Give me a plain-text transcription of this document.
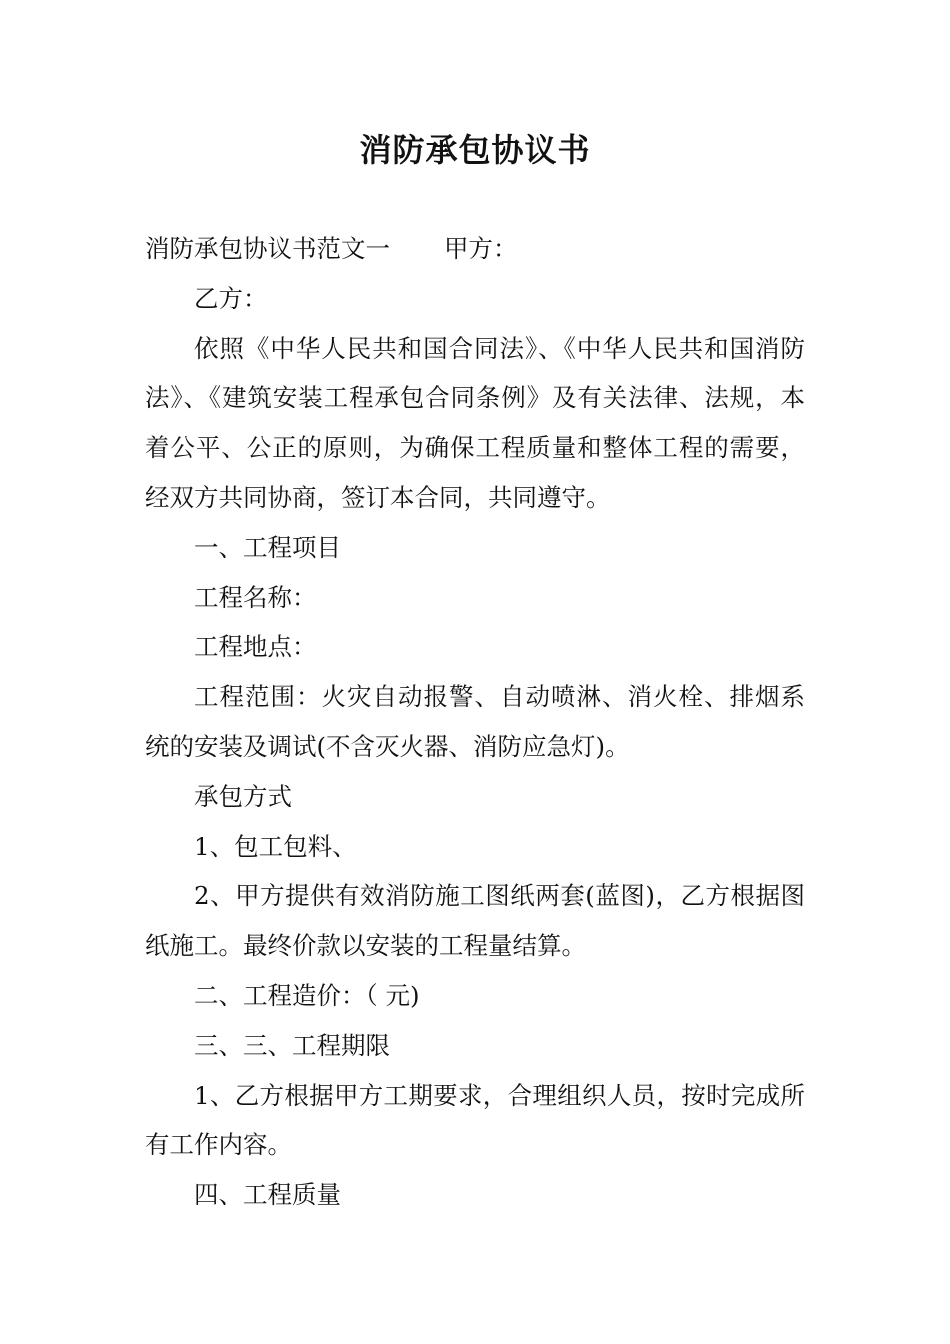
消防承包协议书

消防承包协议书范文一 甲方：

乙方：

依照《中华人民共和国合同法》、《中华人民共和国消防法》、《建筑安装工程承包合同条例》及有关法律、法规，本着公平、公正的原则，为确保工程质量和整体工程的需要，经双方共同协商，签订本合同，共同遵守。

一、工程项目

工程名称：

工程地点：

工程范围：火灾自动报警、自动喷淋、消火栓、排烟系统的安装及调试(不含灭火器、消防应急灯)。

承包方式

1、包工包料、

2、甲方提供有效消防施工图纸两套(蓝图)，乙方根据图纸施工。最终价款以安装的工程量结算。

二、工程造价：（ 元)

三、三、工程期限

1、乙方根据甲方工期要求，合理组织人员，按时完成所有工作内容。

四、工程质量
